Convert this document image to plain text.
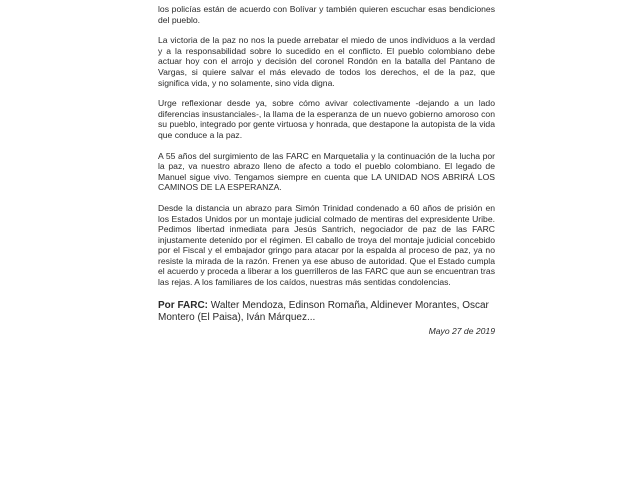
los policías están de acuerdo con Bolívar y también quieren escuchar esas bendiciones del pueblo.

La victoria de la paz no nos la puede arrebatar el miedo de unos individuos a la verdad y a la responsabilidad sobre lo sucedido en el conflicto. El pueblo colombiano debe actuar hoy con el arrojo y decisión del coronel Rondón en la batalla del Pantano de Vargas, si quiere salvar el más elevado de todos los derechos, el de la paz, que significa vida, y no solamente, sino vida digna.

Urge reflexionar desde ya, sobre cómo avivar colectivamente -dejando a un lado diferencias insustanciales-, la llama de la esperanza de un nuevo gobierno amoroso con su pueblo, integrado por gente virtuosa y honrada, que destapone la autopista de la vida que conduce a la paz.

A 55 años del surgimiento de las FARC en Marquetalia y la continuación de la lucha por la paz, va nuestro abrazo lleno de afecto a todo el pueblo colombiano. El legado de Manuel sigue vivo. Tengamos siempre en cuenta que LA UNIDAD NOS ABRIRÁ LOS CAMINOS DE LA ESPERANZA.

Desde la distancia un abrazo para Simón Trinidad condenado a 60 años de prisión en los Estados Unidos por un montaje judicial colmado de mentiras del expresidente Uribe. Pedimos libertad inmediata para Jesús Santrich, negociador de paz de las FARC injustamente detenido por el régimen. El caballo de troya del montaje judicial concebido por el Fiscal y el embajador gringo para atacar por la espalda al proceso de paz, ya no resiste la mirada de la razón. Frenen ya ese abuso de autoridad. Que el Estado cumpla el acuerdo y proceda a liberar a los guerrilleros de las FARC que aun se encuentran tras las rejas. A los familiares de los caídos, nuestras más sentidas condolencias.

Por FARC: Walter Mendoza, Edinson Romaña, Aldinever Morantes, Oscar Montero (El Paisa), Iván Márquez...
Mayo 27 de 2019
